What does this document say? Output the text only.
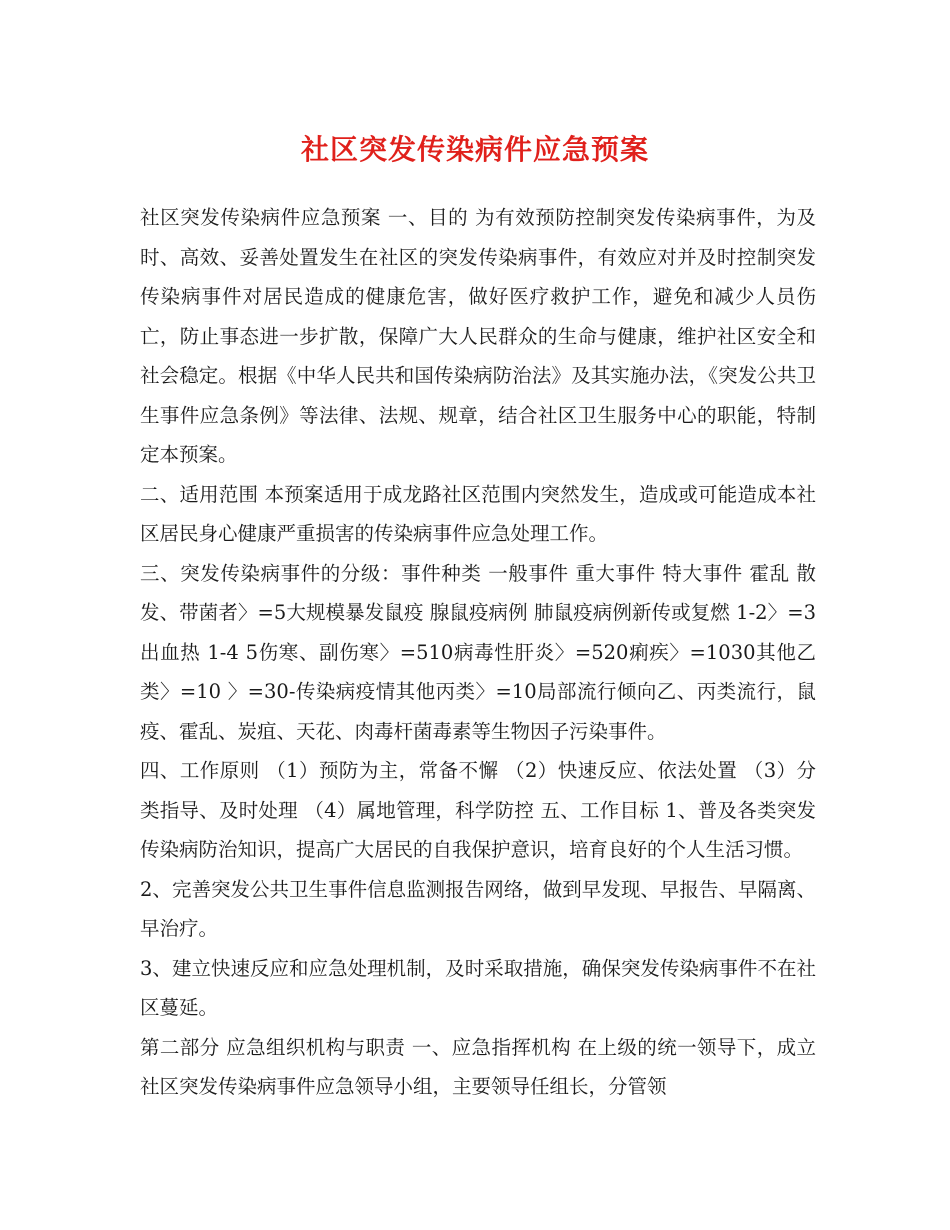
社区突发传染病件应急预案

社区突发传染病件应急预案 一、目的 为有效预防控制突发传染病事件，为及时、高效、妥善处置发生在社区的突发传染病事件，有效应对并及时控制突发传染病事件对居民造成的健康危害，做好医疗救护工作，避免和减少人员伤亡，防止事态进一步扩散，保障广大人民群众的生命与健康，维护社区安全和社会稳定。根据《中华人民共和国传染病防治法》及其实施办法，《突发公共卫生事件应急条例》等法律、法规、规章，结合社区卫生服务中心的职能，特制定本预案。

二、适用范围 本预案适用于成龙路社区范围内突然发生，造成或可能造成本社区居民身心健康严重损害的传染病事件应急处理工作。

三、突发传染病事件的分级：事件种类 一般事件 重大事件 特大事件 霍乱 散发、带菌者〉=5大规模暴发鼠疫 腺鼠疫病例 肺鼠疫病例新传或复燃 1-2〉=3出血热 1-4 5伤寒、副伤寒〉=510病毒性肝炎〉=520痢疾〉=1030其他乙类〉=10 〉=30-传染病疫情其他丙类〉=10局部流行倾向乙、丙类流行，鼠疫、霍乱、炭疽、天花、肉毒杆菌毒素等生物因子污染事件。

四、工作原则 （1）预防为主，常备不懈 （2）快速反应、依法处置 （3）分类指导、及时处理 （4）属地管理，科学防控 五、工作目标 1、普及各类突发传染病防治知识，提高广大居民的自我保护意识，培育良好的个人生活习惯。

2、完善突发公共卫生事件信息监测报告网络，做到早发现、早报告、早隔离、早治疗。

3、建立快速反应和应急处理机制，及时采取措施，确保突发传染病事件不在社区蔓延。

第二部分 应急组织机构与职责 一、应急指挥机构 在上级的统一领导下，成立社区突发传染病事件应急领导小组，主要领导任组长，分管领
